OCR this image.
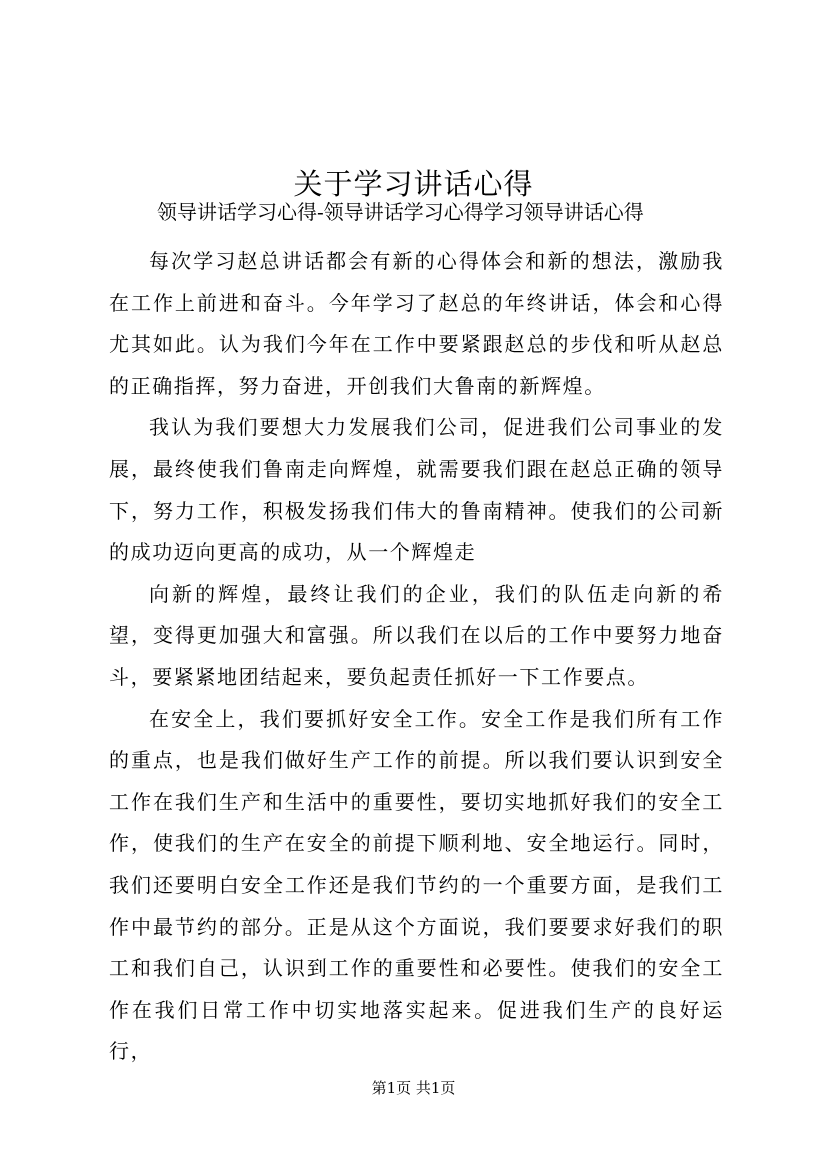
关于学习讲话心得
领导讲话学习心得-领导讲话学习心得学习领导讲话心得

每次学习赵总讲话都会有新的心得体会和新的想法，激励我在工作上前进和奋斗。今年学习了赵总的年终讲话，体会和心得尤其如此。认为我们今年在工作中要紧跟赵总的步伐和听从赵总的正确指挥，努力奋进，开创我们大鲁南的新辉煌。

我认为我们要想大力发展我们公司，促进我们公司事业的发展，最终使我们鲁南走向辉煌，就需要我们跟在赵总正确的领导下，努力工作，积极发扬我们伟大的鲁南精神。使我们的公司新的成功迈向更高的成功，从一个辉煌走

向新的辉煌，最终让我们的企业，我们的队伍走向新的希望，变得更加强大和富强。所以我们在以后的工作中要努力地奋斗，要紧紧地团结起来，要负起责任抓好一下工作要点。

在安全上，我们要抓好安全工作。安全工作是我们所有工作的重点，也是我们做好生产工作的前提。所以我们要认识到安全工作在我们生产和生活中的重要性，要切实地抓好我们的安全工作，使我们的生产在安全的前提下顺利地、安全地运行。同时，我们还要明白安全工作还是我们节约的一个重要方面，是我们工作中最节约的部分。正是从这个方面说，我们要要求好我们的职工和我们自己，认识到工作的重要性和必要性。使我们的安全工作在我们日常工作中切实地落实起来。促进我们生产的良好运行，

第1页 共1页
